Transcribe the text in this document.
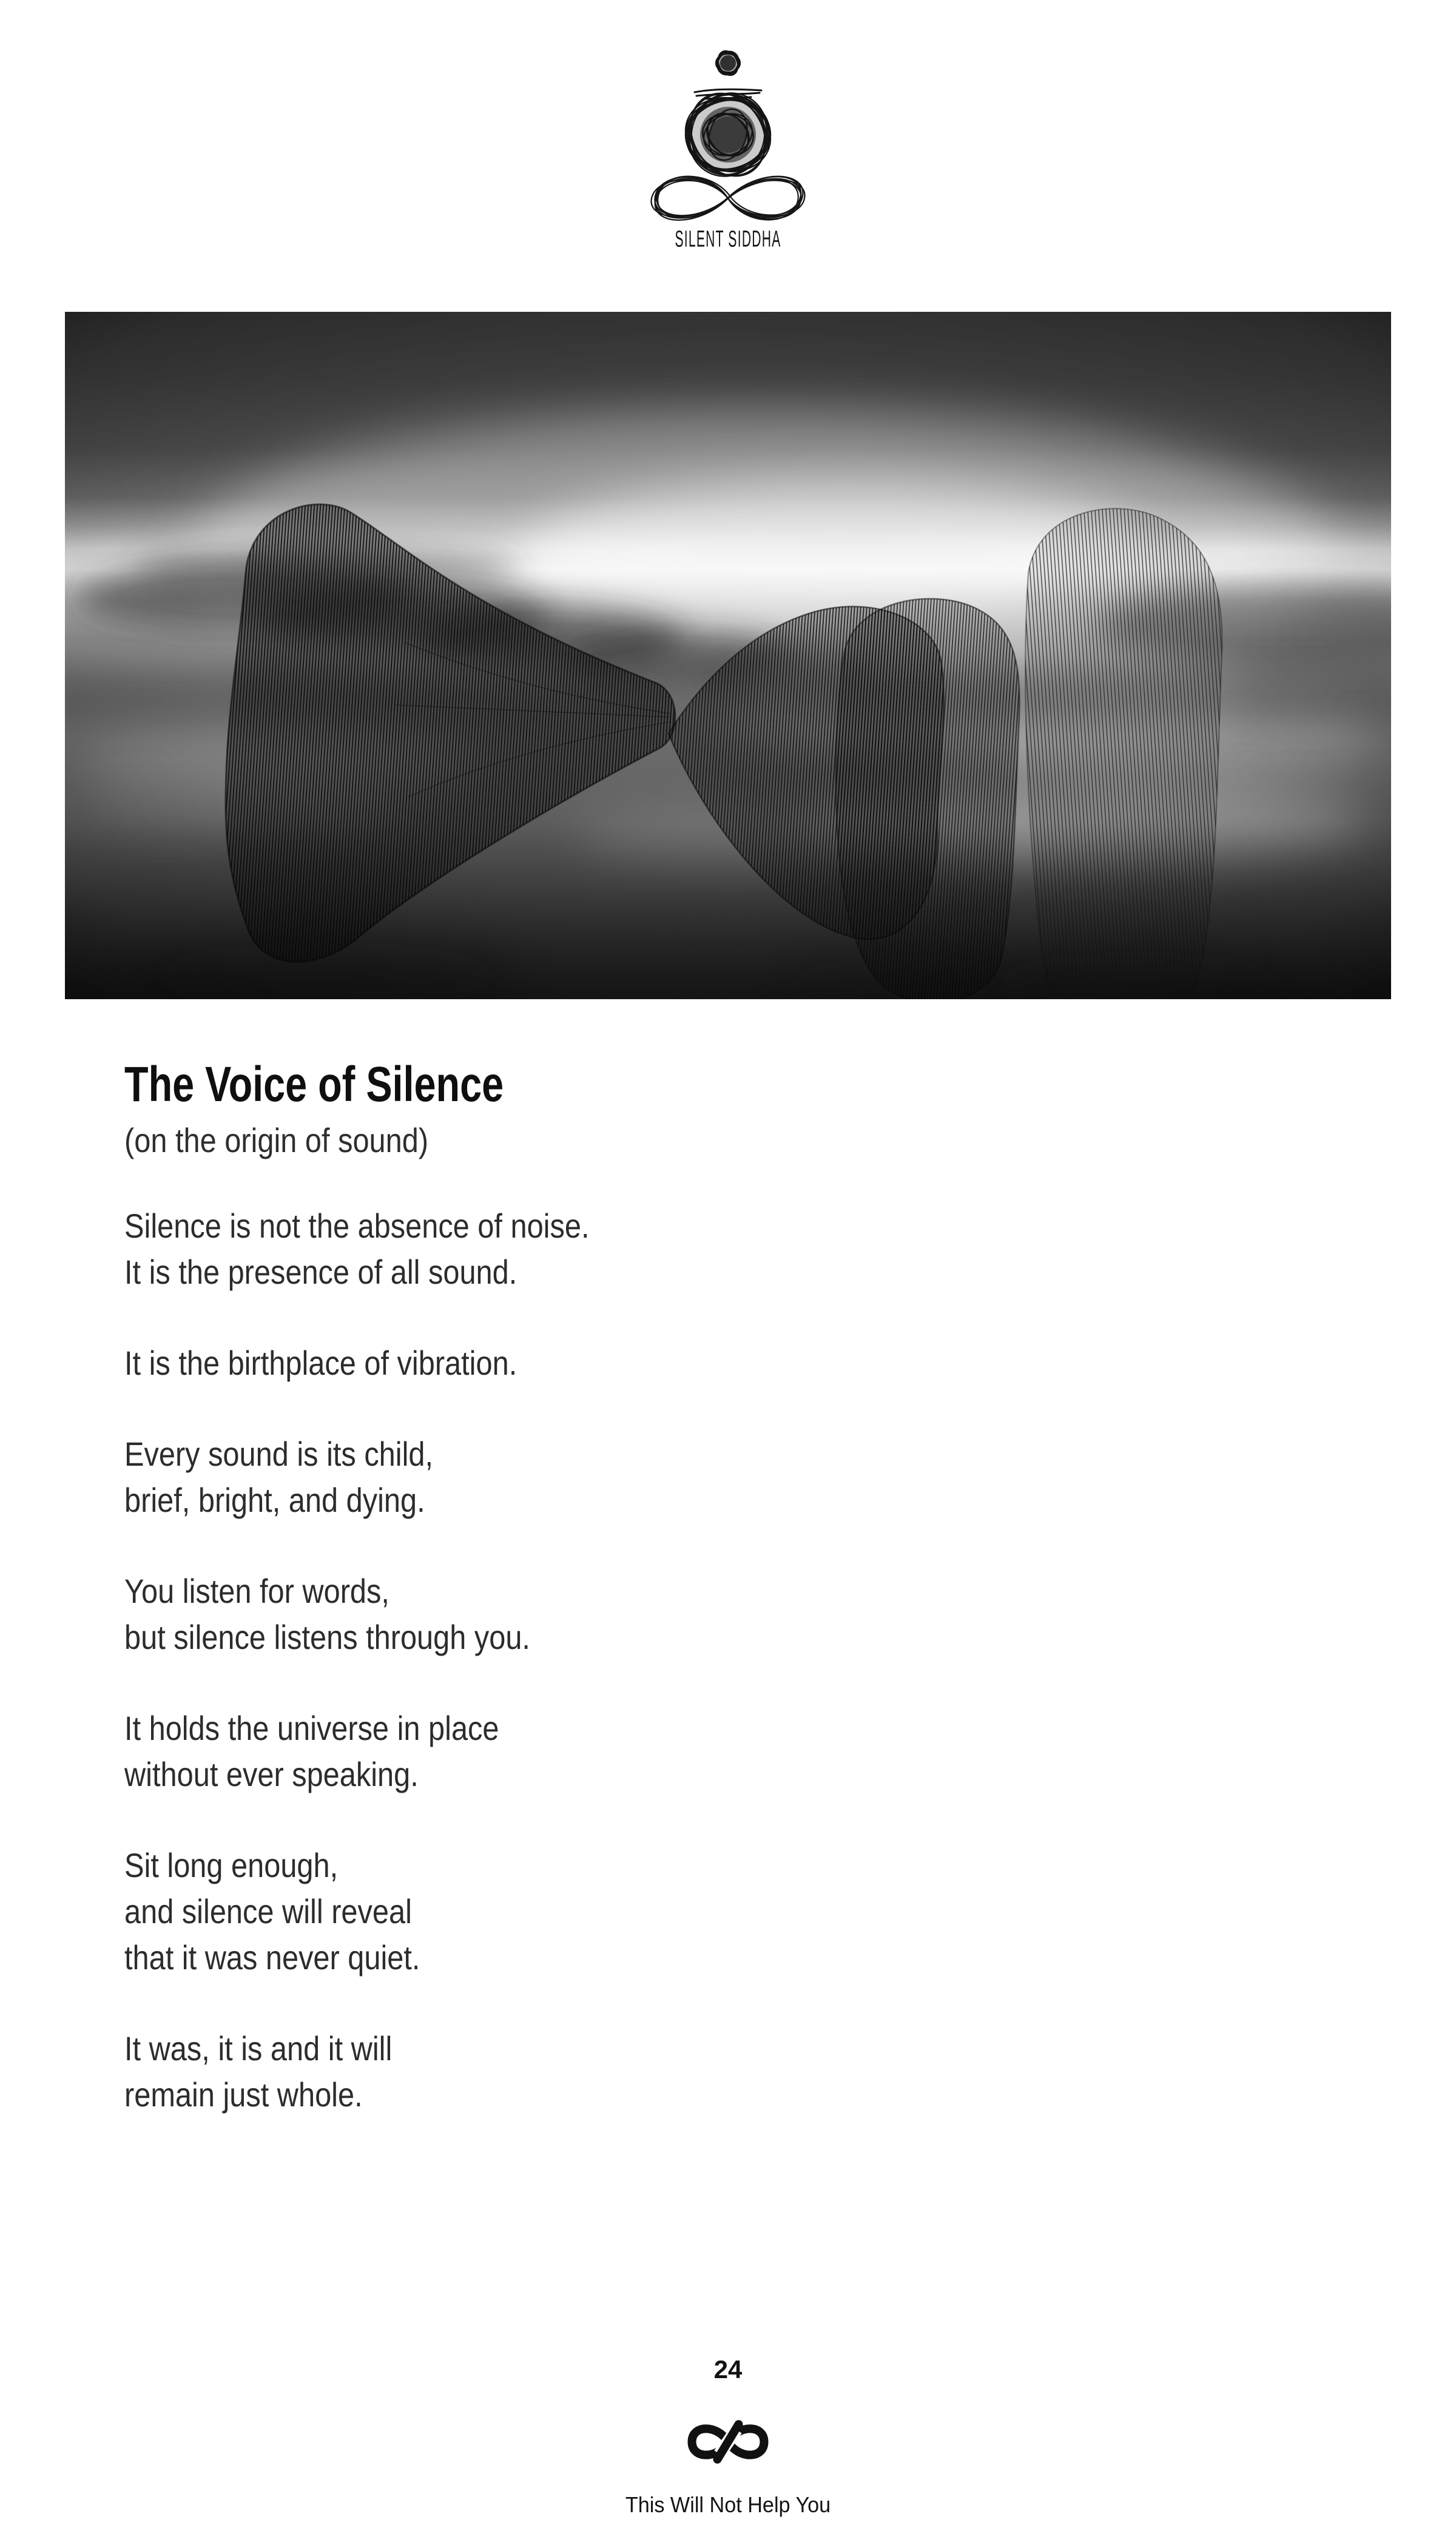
SILENT SIDDHA
The Voice of Silence

(on the origin of sound)

Silence is not the absence of noise.

It is the presence of all sound.

It is the birthplace of vibration.

Every sound is its child,

brief, bright, and dying.

You listen for words,

but silence listens through you.

It holds the universe in place

without ever speaking.

Sit long enough,

and silence will reveal

that it was never quiet.

It was, it is and it will

remain just whole.

24

This Will Not Help You
